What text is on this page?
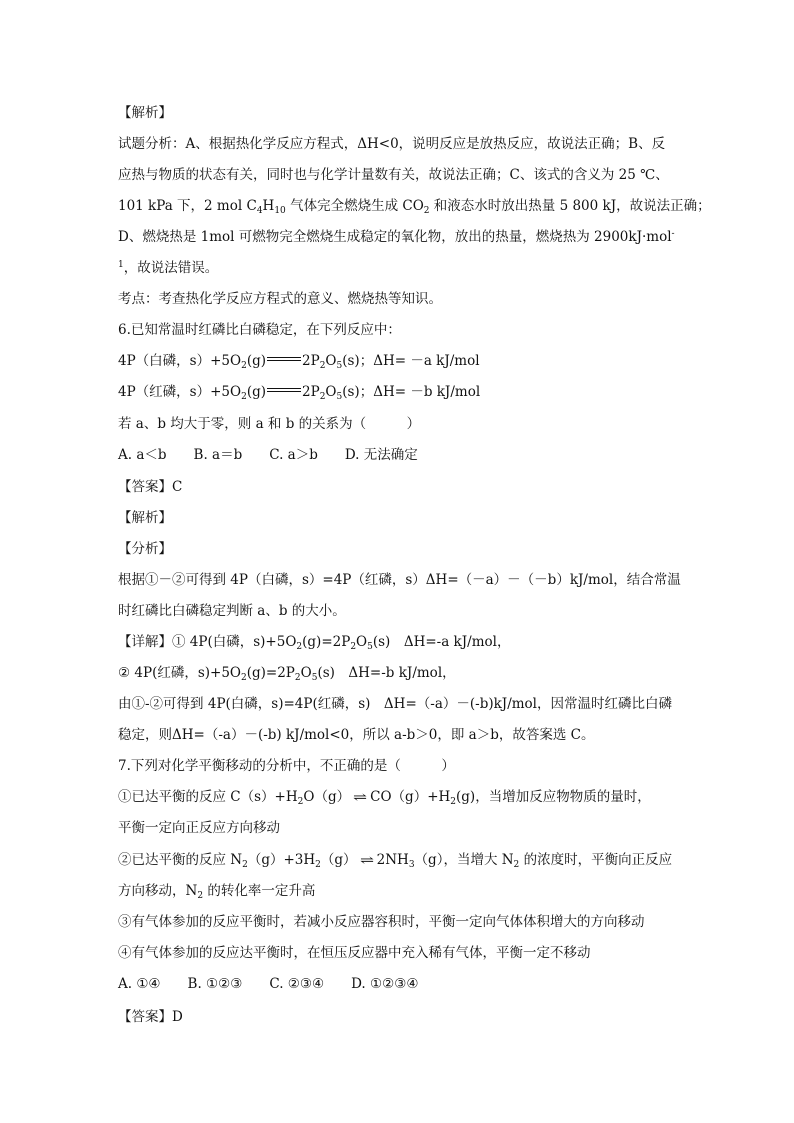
【解析】
试题分析：A、根据热化学反应方程式，ΔH<0，说明反应是放热反应，故说法正确；B、反
应热与物质的状态有关，同时也与化学计量数有关，故说法正确；C、该式的含义为 25 ℃、
101 kPa 下，2 mol $C_4H_{10}$ 气体完全燃烧生成 $CO_2$ 和液态水时放出热量 5 800 kJ，故说法正确；
D、燃烧热是 1mol 可燃物完全燃烧生成稳定的氧化物，放出的热量，燃烧热为 2900kJ·mol-
$^1$，故说法错误。
考点：考查热化学反应方程式的意义、燃烧热等知识。
6.已知常温时红磷比白磷稳定，在下列反应中：
4P（白磷，$s)+5O_2(g)$	$2P_2O_5(s)$；ΔH= －a kJ/mol
4P（红磷，$s)+5O_2(g)$	$2P_2O_5(s)$；ΔH= －b kJ/mol
若 a、b 均大于零，则 a 和 b 的关系为（　　　）
A. a＜b　　B. a＝b　　C. a＞b　　D. 无法确定
【答案】C
【解析】
【分析】
根据①－②可得到 4P（白磷，s）=4P（红磷，s）ΔH=（－a）－（－b）kJ/mol，结合常温
时红磷比白磷稳定判断 a、b 的大小。
【详解】① 4P(白磷，$s)+5O_2(g)=2P_2O_5(s)$　ΔH=-a kJ/mol，
② 4P(红磷，$s)+5O_2(g)=2P_2O_5(s)$　ΔH=-b kJ/mol，
由①-②可得到 4P(白磷，s)=4P(红磷，s)　ΔH=（-a）－(-b)kJ/mol，因常温时红磷比白磷
稳定，则ΔH=（-a）－(-b) kJ/mol<0，所以 a-b＞0，即 a＞b，故答案选 C。
7.下列对化学平衡移动的分析中，不正确的是（　　　）
①已达平衡的反应 $C(s)+H_2O(g)$ ⇌ $CO(g)+H_2(g)$，当增加反应物物质的量时，
平衡一定向正反应方向移动
②已达平衡的反应 $N_2(g)+3H_2(g)$ ⇌ $2NH_3(g)$，当增大 $N_2$ 的浓度时，平衡向正反应
方向移动，$N_2$ 的转化率一定升高
③有气体参加的反应平衡时，若减小反应器容积时，平衡一定向气体体积增大的方向移动
④有气体参加的反应达平衡时，在恒压反应器中充入稀有气体，平衡一定不移动
A. ①④　　B. ①②③　　C. ②③④　　D. ①②③④
【答案】D
